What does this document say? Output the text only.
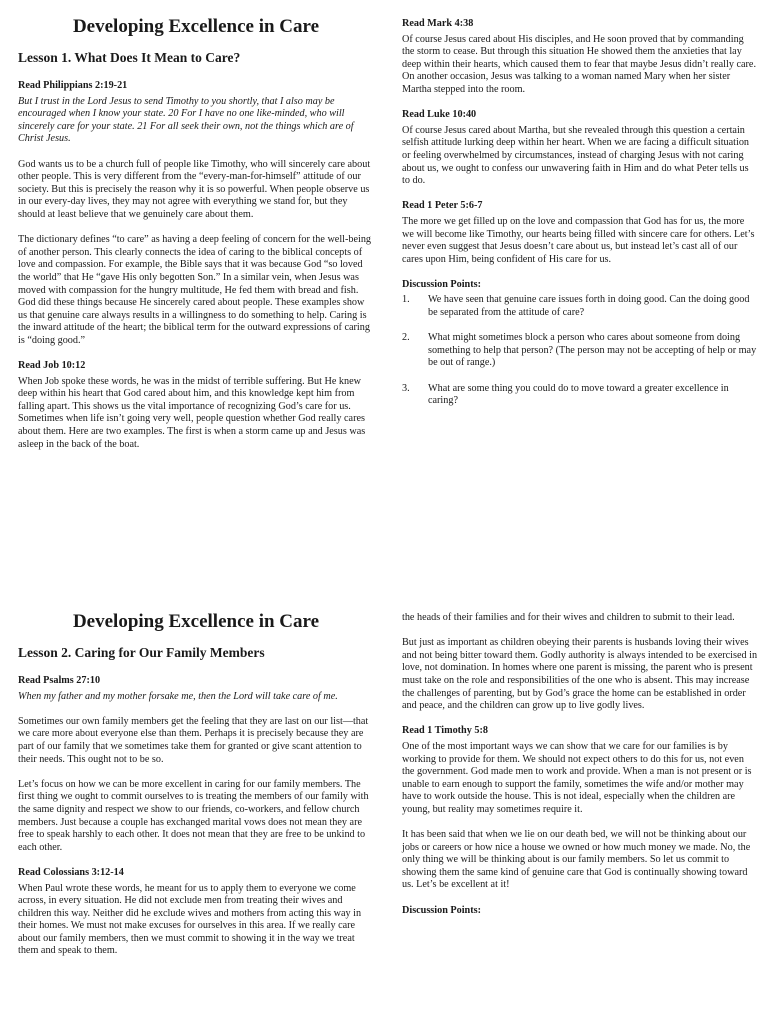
Developing Excellence in Care
Lesson 1. What Does It Mean to Care?

Read Philippians 2:19-21

But I trust in the Lord Jesus to send Timothy to you shortly, that I also may be encouraged when I know your state. 20 For I have no one like-minded, who will sincerely care for your state. 21 For all seek their own, not the things which are of Christ Jesus.

God wants us to be a church full of people like Timothy, who will sincerely care about other people. This is very different from the “every-man-for-himself” attitude of our society. But this is precisely the reason why it is so powerful. When people observe us in our every-day lives, they may not agree with everything we stand for, but they should at least believe that we genuinely care about them.

The dictionary defines “to care” as having a deep feeling of concern for the well-being of another person. This clearly connects the idea of caring to the biblical concepts of love and compassion. For example, the Bible says that it was because God “so loved the world” that He “gave His only begotten Son.” In a similar vein, when Jesus was moved with compassion for the hungry multitude, He fed them with bread and fish. God did these things because He sincerely cared about people. These examples show us that genuine care always results in a willingness to do something to help. Caring is the inward attitude of the heart; the biblical term for the outward expressions of caring is “doing good.”

Read Job 10:12

When Job spoke these words, he was in the midst of terrible suffering. But He knew deep within his heart that God cared about him, and this knowledge kept him from falling apart. This shows us the vital importance of recognizing God’s care for us. Sometimes when life isn’t going very well, people question whether God really cares about them. Here are two examples. The first is when a storm came up and Jesus was asleep in the back of the boat.

Read Mark 4:38

Of course Jesus cared about His disciples, and He soon proved that by commanding the storm to cease. But through this situation He showed them the anxieties that lay deep within their hearts, which caused them to fear that maybe Jesus didn’t really care. On another occasion, Jesus was talking to a woman named Mary when her sister Martha stepped into the room.

Read Luke 10:40

Of course Jesus cared about Martha, but she revealed through this question a certain selfish attitude lurking deep within her heart. When we are facing a difficult situation or feeling overwhelmed by circumstances, instead of charging Jesus with not caring about us, we ought to confess our unwavering faith in Him and do what Peter tells us to do.

Read 1 Peter 5:6-7

The more we get filled up on the love and compassion that God has for us, the more we will become like Timothy, our hearts being filled with sincere care for others. Let’s never even suggest that Jesus doesn’t care about us, but instead let’s cast all of our cares upon Him, being confident of His care for us.

Discussion Points:

1. We have seen that genuine care issues forth in doing good. Can the doing good be separated from the attitude of care?
2. What might sometimes block a person who cares about someone from doing something to help that person? (The person may not be accepting of help or may be out of range.)
3. What are some thing you could do to move toward a greater excellence in caring?
Developing Excellence in Care
Lesson 2. Caring for Our Family Members

Read Psalms 27:10

When my father and my mother forsake me, then the Lord will take care of me.

Sometimes our own family members get the feeling that they are last on our list—that we care more about everyone else than them. Perhaps it is precisely because they are part of our family that we sometimes take them for granted or give scant attention to their needs. This ought not to be so.

Let’s focus on how we can be more excellent in caring for our family members. The first thing we ought to commit ourselves to is treating the members of our family with the same dignity and respect we show to our friends, co-workers, and fellow church members. Just because a couple has exchanged marital vows does not mean they are free to speak harshly to each other. It does not mean that they are free to be unkind to each other.

Read Colossians 3:12-14

When Paul wrote these words, he meant for us to apply them to everyone we come across, in every situation. He did not exclude men from treating their wives and children this way. Neither did he exclude wives and mothers from acting this way in their homes. We must not make excuses for ourselves in this area. If we really care about our family members, then we must commit to showing it in the way we treat them and speak to them.

the heads of their families and for their wives and children to submit to their lead.

But just as important as children obeying their parents is husbands loving their wives and not being bitter toward them. Godly authority is always intended to be exercised in love, not domination. In homes where one parent is missing, the parent who is present must take on the role and responsibilities of the one who is absent. This may increase the challenges of parenting, but by God’s grace the home can be established in order and peace, and the children can grow up to live godly lives.

Read 1 Timothy 5:8

One of the most important ways we can show that we care for our families is by working to provide for them. We should not expect others to do this for us, not even the government. God made men to work and provide. When a man is not present or is unable to earn enough to support the family, sometimes the wife and/or mother may have to work outside the house. This is not ideal, especially when the children are young, but reality may sometimes require it.

It has been said that when we lie on our death bed, we will not be thinking about our jobs or careers or how nice a house we owned or how much money we made. No, the only thing we will be thinking about is our family members. So let us commit to showing them the same kind of genuine care that God is continually showing toward us. Let’s be excellent at it!

Discussion Points:
